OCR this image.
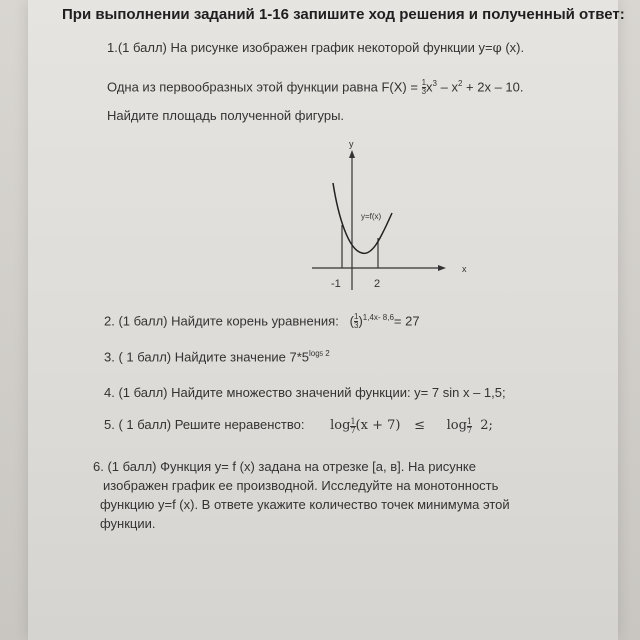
При выполнении заданий 1-16 запишите ход решения и полученный ответ:
1.(1 балл) На рисунке изображен график некоторой функции y=φ (x).
Одна из первообразных этой функции равна $F(X) = \frac{1}{3} x^3 - x^2 + 2x - 10$.
Найдите площадь полученной фигуры.
y
x
y=f(x)
-1	2
2. (1 балл) Найдите корень уравнения:   ( $\frac{1}{3} )^{1,4x- 8,6}= 27$
3. ( 1 балл) Найдите значение $7*5^{log5 2}$
4. (1 балл) Найдите множество значений функции: y= 7 sin x – 1,5;
5. ( 1 балл) Решите неравенство: $\log \frac{1}{7} (x + 7) \le \log \frac{1}{7} 2$;
6. (1 балл) Функция y= f (x) задана на отрезке [a, в]. На рисунке
изображен график ее производной. Исследуйте на монотонность
функцию y=f (x). В ответе укажите количество точек минимума этой
функции.
